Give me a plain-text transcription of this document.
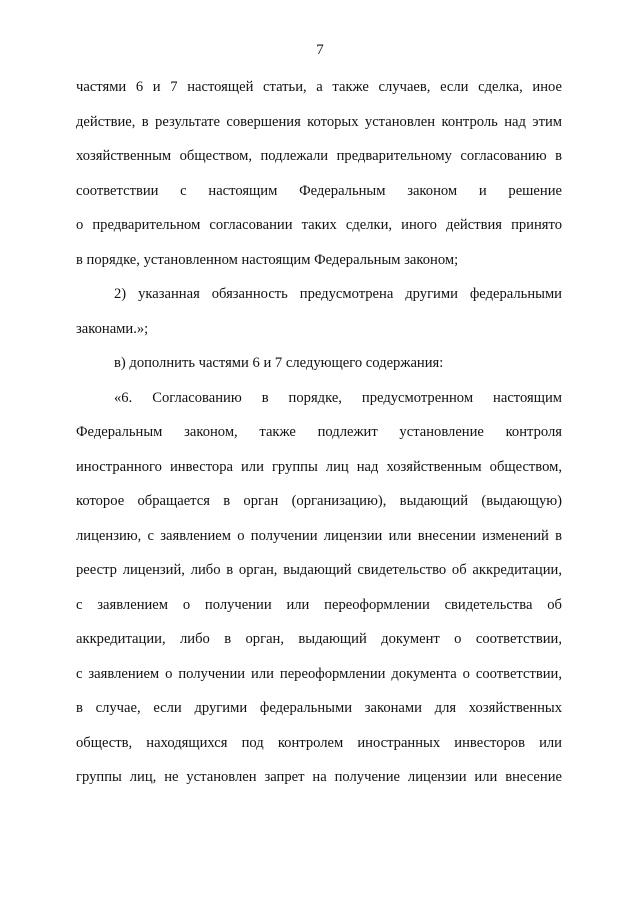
7
частями 6 и 7 настоящей статьи, а также случаев, если сделка, иное
действие, в результате совершения которых установлен контроль над этим
хозяйственным обществом, подлежали предварительному согласованию в
соответствии с настоящим Федеральным законом и решение
о предварительном согласовании таких сделки, иного действия принято
в порядке, установленном настоящим Федеральным законом;
2) указанная обязанность предусмотрена другими федеральными
законами.»;
в) дополнить частями 6 и 7 следующего содержания:
«6. Согласованию в порядке, предусмотренном настоящим
Федеральным законом, также подлежит установление контроля
иностранного инвестора или группы лиц над хозяйственным обществом,
которое обращается в орган (организацию), выдающий (выдающую)
лицензию, с заявлением о получении лицензии или внесении изменений в
реестр лицензий, либо в орган, выдающий свидетельство об аккредитации,
с заявлением о получении или переоформлении свидетельства об
аккредитации, либо в орган, выдающий документ о соответствии,
с заявлением о получении или переоформлении документа о соответствии,
в случае, если другими федеральными законами для хозяйственных
обществ, находящихся под контролем иностранных инвесторов или
группы лиц, не установлен запрет на получение лицензии или внесение
